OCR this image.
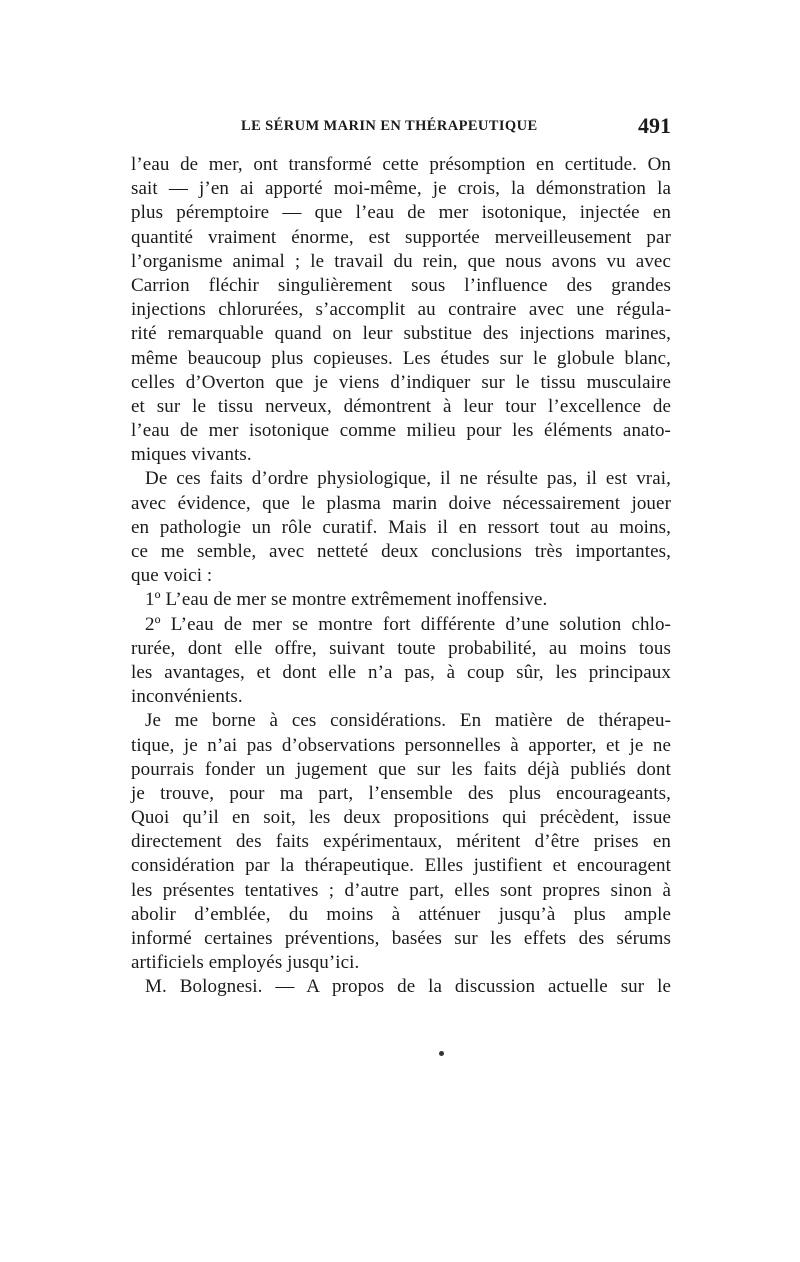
LE SÉRUM MARIN EN THÉRAPEUTIQUE	491
l’eau de mer, ont transformé cette présomption en certitude. On
sait — j’en ai apporté moi-même, je crois, la démonstration la
plus péremptoire — que l’eau de mer isotonique, injectée en
quantité vraiment énorme, est supportée merveilleusement par
l’organisme animal ; le travail du rein, que nous avons vu avec
Carrion fléchir singulièrement sous l’influence des grandes
injections chlorurées, s’accomplit au contraire avec une régula-
rité remarquable quand on leur substitue des injections marines,
même beaucoup plus copieuses. Les études sur le globule blanc,
celles d’Overton que je viens d’indiquer sur le tissu musculaire
et sur le tissu nerveux, démontrent à leur tour l’excellence de
l’eau de mer isotonique comme milieu pour les éléments anato-
miques vivants.
De ces faits d’ordre physiologique, il ne résulte pas, il est vrai,
avec évidence, que le plasma marin doive nécessairement jouer
en pathologie un rôle curatif. Mais il en ressort tout au moins,
ce me semble, avec netteté deux conclusions très importantes,
que voici :
1º L’eau de mer se montre extrêmement inoffensive.
2º L’eau de mer se montre fort différente d’une solution chlo-
rurée, dont elle offre, suivant toute probabilité, au moins tous
les avantages, et dont elle n’a pas, à coup sûr, les principaux
inconvénients.
Je me borne à ces considérations. En matière de thérapeu-
tique, je n’ai pas d’observations personnelles à apporter, et je ne
pourrais fonder un jugement que sur les faits déjà publiés dont
je trouve, pour ma part, l’ensemble des plus encourageants,
Quoi qu’il en soit, les deux propositions qui précèdent, issue
directement des faits expérimentaux, méritent d’être prises en
considération par la thérapeutique. Elles justifient et encouragent
les présentes tentatives ; d’autre part, elles sont propres sinon à
abolir d’emblée, du moins à atténuer jusqu’à plus ample
informé certaines préventions, basées sur les effets des sérums
artificiels employés jusqu’ici.
M. Bolognesi. — A propos de la discussion actuelle sur le
